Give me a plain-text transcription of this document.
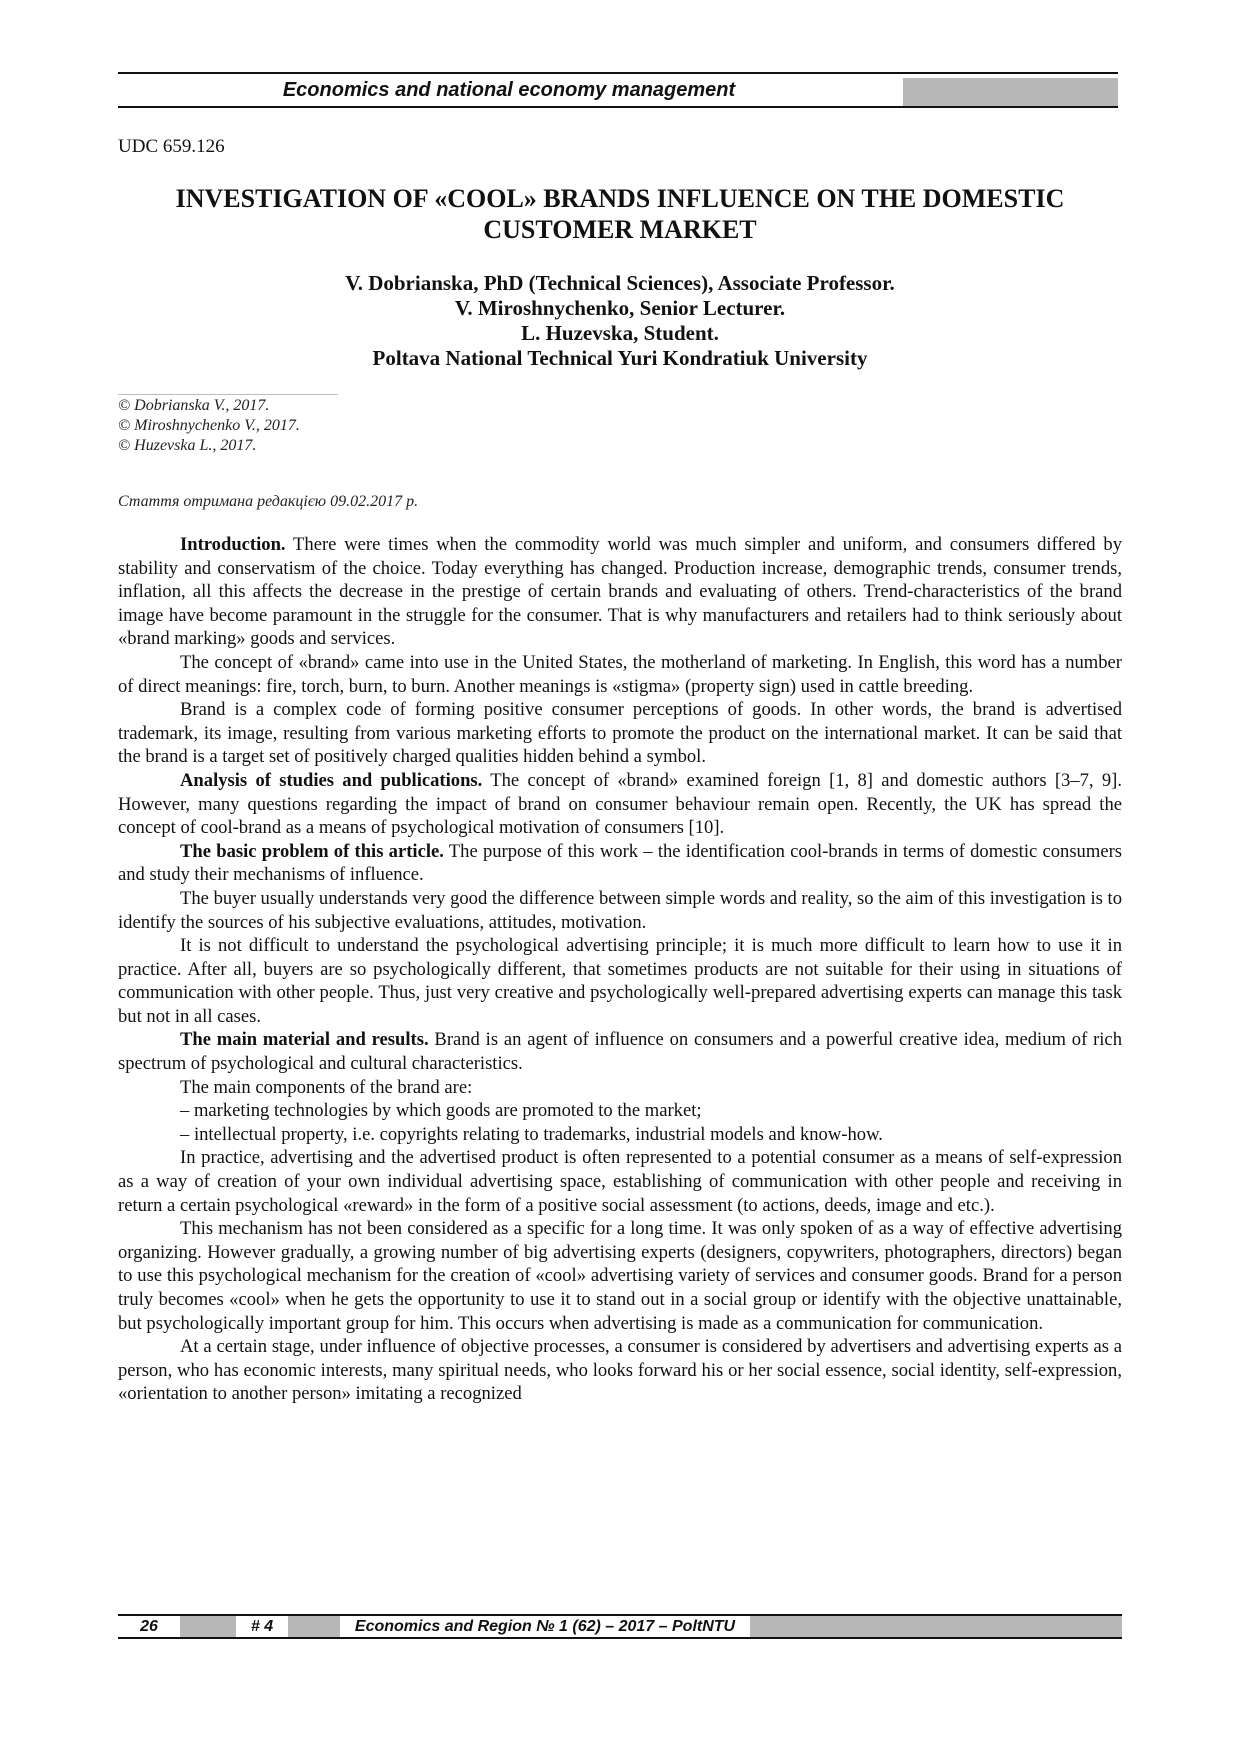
Economics and national economy management
UDC 659.126
INVESTIGATION OF «COOL» BRANDS INFLUENCE ON THE DOMESTIC
CUSTOMER MARKET
V. Dobrianska, PhD (Technical Sciences), Associate Professor.
V. Miroshnychenko, Senior Lecturer.
L. Huzevska, Student.
Poltava National Technical Yuri Kondratiuk University
© Dobrianska V., 2017.
© Miroshnychenko V., 2017.
© Huzevska L., 2017.
Стаття отримана редакцією 09.02.2017 р.

Introduction. There were times when the commodity world was much simpler and uniform, and consumers differed by stability and conservatism of the choice. Today everything has changed. Production increase, demographic trends, consumer trends, inflation, all this affects the decrease in the prestige of certain brands and evaluating of others. Trend-characteristics of the brand image have become paramount in the struggle for the consumer. That is why manufacturers and retailers had to think seriously about «brand marking» goods and services.

The concept of «brand» came into use in the United States, the motherland of marketing. In English, this word has a number of direct meanings: fire, torch, burn, to burn. Another meanings is «stigma» (property sign) used in cattle breeding.

Brand is a complex code of forming positive consumer perceptions of goods. In other words, the brand is advertised trademark, its image, resulting from various marketing efforts to promote the product on the international market. It can be said that the brand is a target set of positively charged qualities hidden behind a symbol.

Analysis of studies and publications. The concept of «brand» examined foreign [1, 8] and domestic authors [3–7, 9]. However, many questions regarding the impact of brand on consumer behaviour remain open. Recently, the UK has spread the concept of cool-brand as a means of psychological motivation of consumers [10].

The basic problem of this article. The purpose of this work – the identification cool-brands in terms of domestic consumers and study their mechanisms of influence.

The buyer usually understands very good the difference between simple words and reality, so the aim of this investigation is to identify the sources of his subjective evaluations, attitudes, motivation.

It is not difficult to understand the psychological advertising principle; it is much more difficult to learn how to use it in practice. After all, buyers are so psychologically different, that sometimes products are not suitable for their using in situations of communication with other people. Thus, just very creative and psychologically well-prepared advertising experts can manage this task but not in all cases.

The main material and results. Brand is an agent of influence on consumers and a powerful creative idea, medium of rich spectrum of psychological and cultural characteristics.

The main components of the brand are:

– marketing technologies by which goods are promoted to the market;

– intellectual property, i.e. copyrights relating to trademarks, industrial models and know-how.

In practice, advertising and the advertised product is often represented to a potential consumer as a means of self-expression as a way of creation of your own individual advertising space, establishing of communication with other people and receiving in return a certain psychological «reward» in the form of a positive social assessment (to actions, deeds, image and etc.).

This mechanism has not been considered as a specific for a long time. It was only spoken of as a way of effective advertising organizing. However gradually, a growing number of big advertising experts (designers, copywriters, photographers, directors) began to use this psychological mechanism for the creation of «cool» advertising variety of services and consumer goods. Brand for a person truly becomes «cool» when he gets the opportunity to use it to stand out in a social group or identify with the objective unattainable, but psychologically important group for him. This occurs when advertising is made as a communication for communication.

At a certain stage, under influence of objective processes, a consumer is considered by advertisers and advertising experts as a person, who has economic interests, many spiritual needs, who looks forward his or her social essence, social identity, self-expression, «orientation to another person» imitating a recognized

26	# 4	Economics and Region № 1 (62) – 2017 – PoltNTU
